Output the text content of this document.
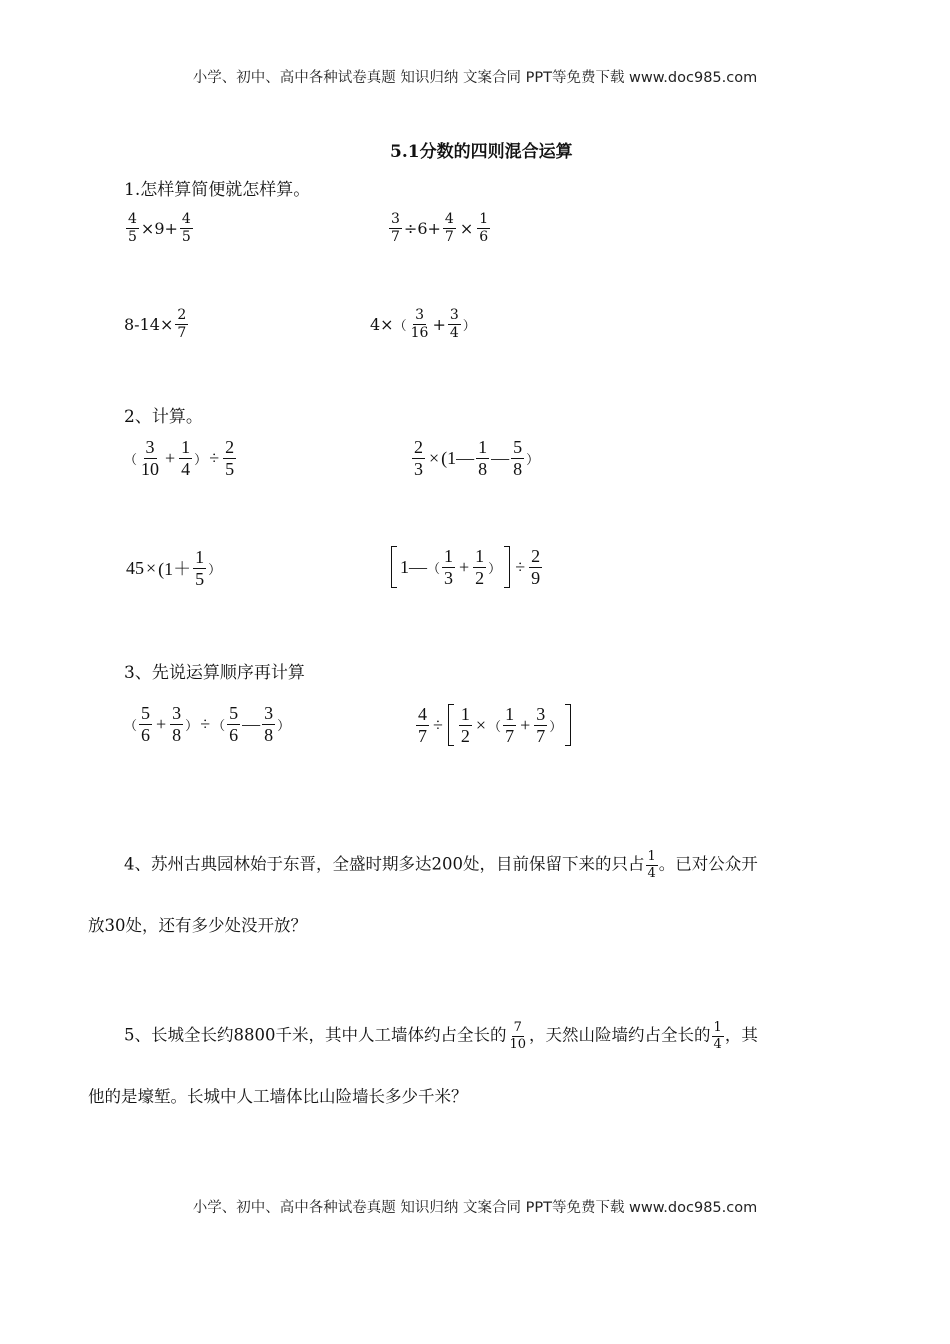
小学、初中、高中各种试卷真题 知识归纳 文案合同 PPT等免费下载 www.doc985.com
5.1分数的四则混合运算
1.怎样算简便就怎样算。
$\frac{4}{5} \times 9+ \frac{4}{5}$	$\frac{3}{7} \div 6+ \frac{4}{7} \times \frac{1}{6}$
$8-14\times \frac{2}{7}$	4× （ $\frac{3}{16} + \frac{3}{4}$ ）
2、计算。
（ $\frac{3}{10} + \frac{1}{4}$ ） ÷ $\frac{2}{5}$	$\frac{2}{3}$ × (1— $\frac{1}{8}$ — $\frac{5}{8}$ ）
$45 \times (1+ \frac{1}{5}$ ）	1— （ $\frac{1}{3} + \frac{1}{2}$ ） ÷ $\frac{2}{9}$
3、先说运算顺序再计算
（ $\frac{5}{6} + \frac{3}{8}$ ） ÷ （ $\frac{5}{6}$ — $\frac{3}{8}$ ）	$\frac{4}{7} \div \frac{1}{2}$ × （ $\frac{1}{7} + \frac{3}{7}$ ）
4、苏州古典园林始于东晋，全盛时期多达200处，目前保留下来的只占 $\frac{1}{4}$ 。已对公众开
放30处，还有多少处没开放？
5、长城全长约8800千米，其中人工墙体约占全长的 $\frac{7}{10}$ ，天然山险墙约占全长的 $\frac{1}{4}$ ，其
他的是壕堑。长城中人工墙体比山险墙长多少千米？
小学、初中、高中各种试卷真题 知识归纳 文案合同 PPT等免费下载 www.doc985.com
